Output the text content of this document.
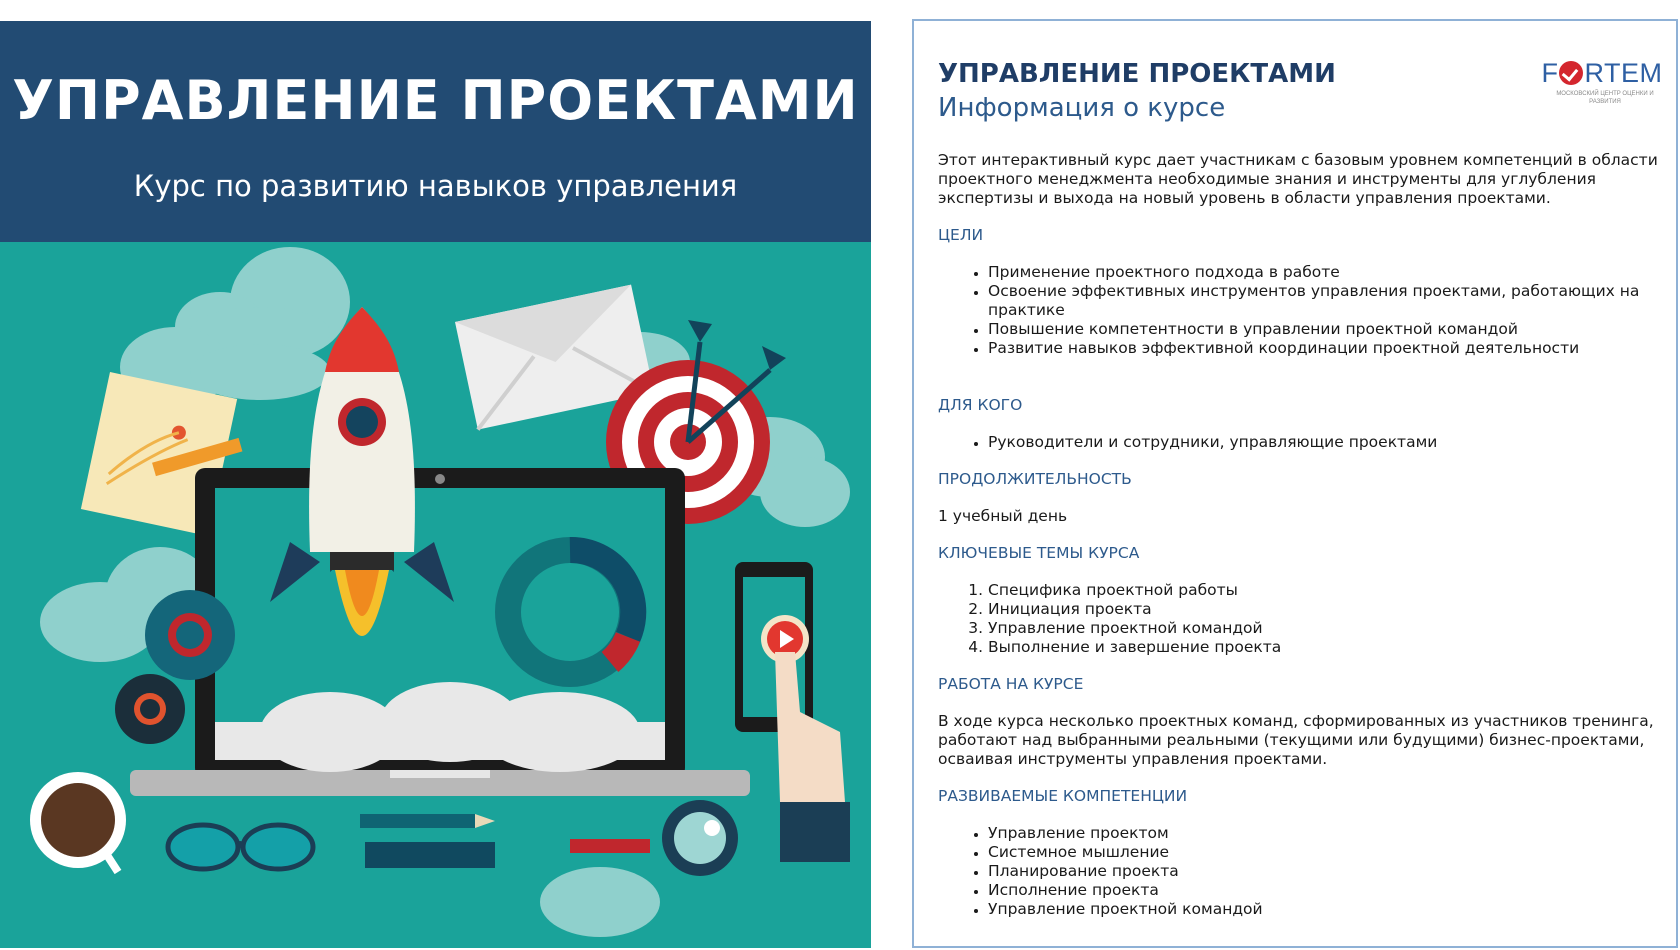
УПРАВЛЕНИЕ ПРОЕКТАМИ
Курс по развитию навыков управления
УПРАВЛЕНИЕ ПРОЕКТАМИ
Информация о курсе
F RTEM
МОСКОВСКИЙ ЦЕНТР ОЦЕНКИ И РАЗВИТИЯ

Этот интерактивный курс дает участникам с базовым уровнем компетенций в области проектного менеджмента необходимые знания и инструменты для углубления экспертизы и выхода на новый уровень в области управления проектами.

ЦЕЛИ

• Применение проектного подхода в работе
• Освоение эффективных инструментов управления проектами, работающих на практике
• Повышение компетентности в управлении проектной командой
• Развитие навыков эффективной координации проектной деятельности

ДЛЯ КОГО

• Руководители и сотрудники, управляющие проектами

ПРОДОЛЖИТЕЛЬНОСТЬ

1 учебный день

КЛЮЧЕВЫЕ ТЕМЫ КУРСА

1. Специфика проектной работы
2. Инициация проекта
3. Управление проектной командой
4. Выполнение и завершение проекта

РАБОТА НА КУРСЕ

В ходе курса несколько проектных команд, сформированных из участников тренинга, работают над выбранными реальными (текущими или будущими) бизнес-проектами, осваивая инструменты управления проектами.

РАЗВИВАЕМЫЕ КОМПЕТЕНЦИИ

• Управление проектом
• Системное мышление
• Планирование проекта
• Исполнение проекта
• Управление проектной командой
